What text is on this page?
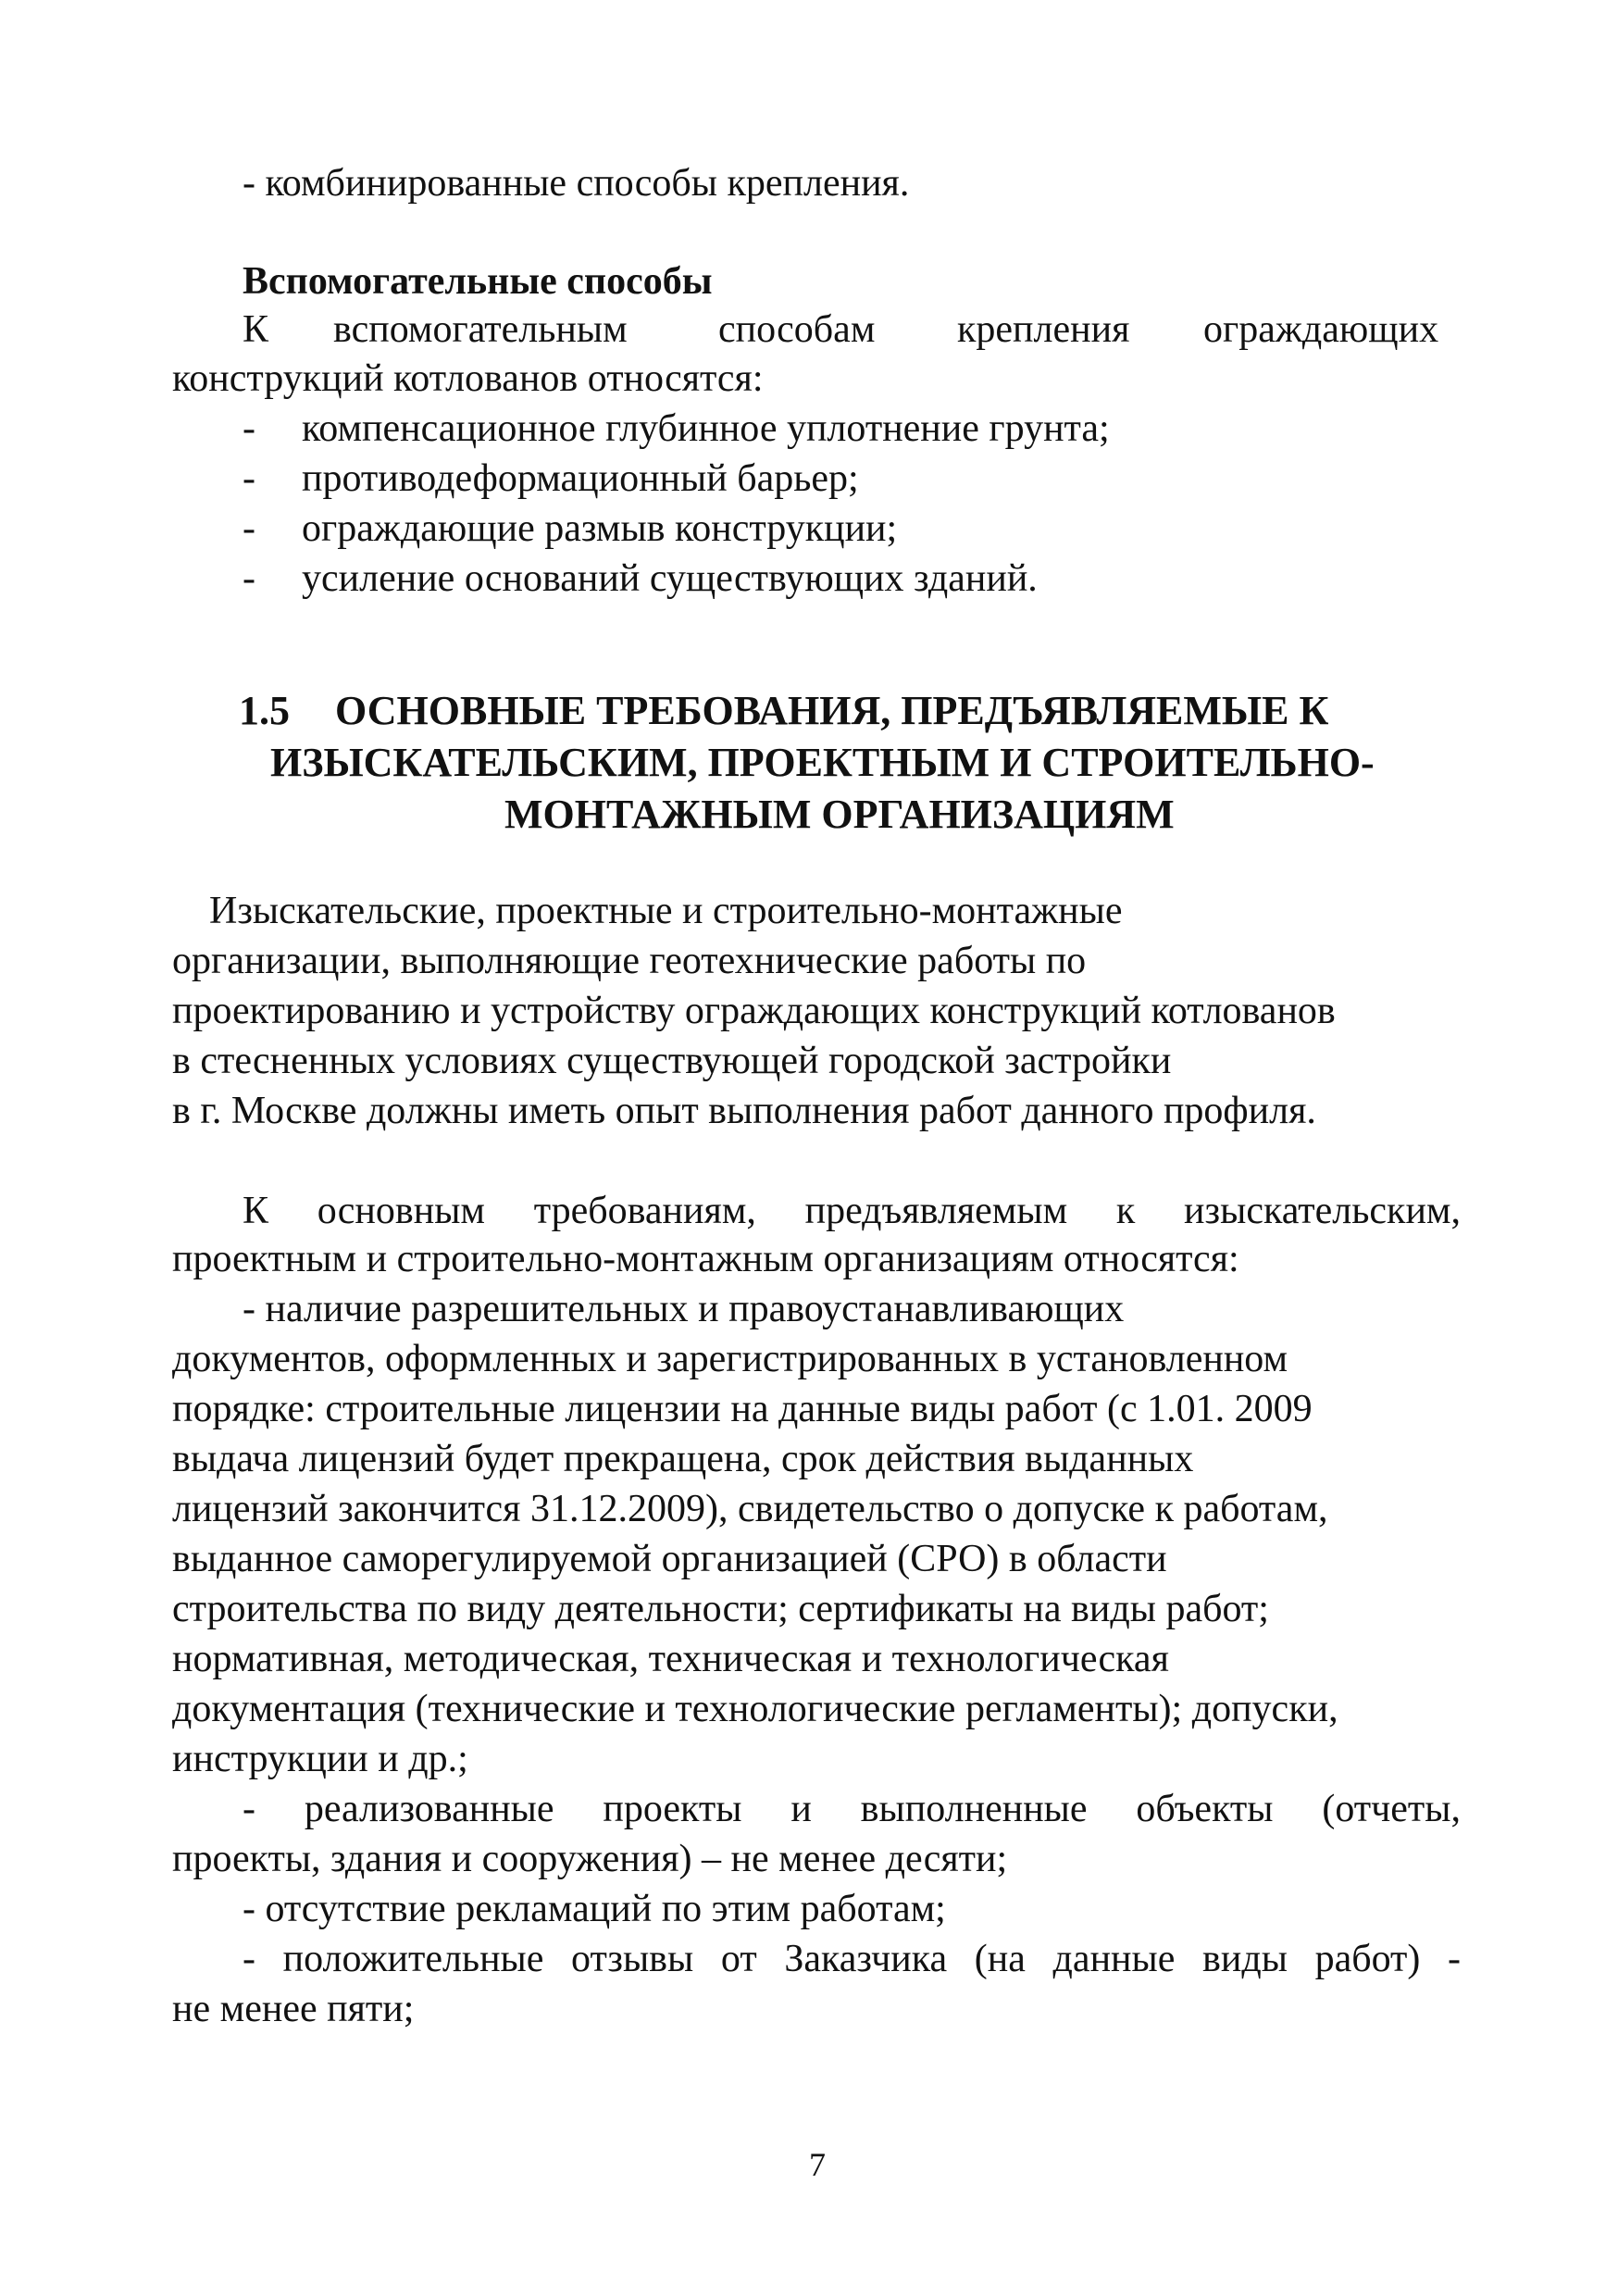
- комбинированные способы крепления.
Вспомогательные способы
К вспомогательным способам крепления ограждающих
конструкций котлованов относятся:
- компенсационное глубинное уплотнение грунта;
- противодеформационный барьер;
- ограждающие размыв конструкции;
- усиление оснований существующих зданий.
1.5 ОСНОВНЫЕ ТРЕБОВАНИЯ, ПРЕДЪЯВЛЯЕМЫЕ К
ИЗЫСКАТЕЛЬСКИМ, ПРОЕКТНЫМ И СТРОИТЕЛЬНО-
МОНТАЖНЫМ ОРГАНИЗАЦИЯМ
Изыскательские, проектные и строительно-монтажные
организации, выполняющие геотехнические работы по
проектированию и устройству ограждающих конструкций котлованов
в стесненных условиях существующей городской застройки
в г. Москве должны иметь опыт выполнения работ данного профиля.
К основным требованиям, предъявляемым к изыскательским,
проектным и строительно-монтажным организациям относятся:
- наличие разрешительных и правоустанавливающих
документов, оформленных и зарегистрированных в установленном
порядке: строительные лицензии на данные виды работ (с 1.01. 2009
выдача лицензий будет прекращена, срок действия выданных
лицензий закончится 31.12.2009), свидетельство о допуске к работам,
выданное саморегулируемой организацией (СРО) в области
строительства по виду деятельности; сертификаты на виды работ;
нормативная, методическая, техническая и технологическая
документация (технические и технологические регламенты); допуски,
инструкции и др.;
- реализованные проекты и выполненные объекты (отчеты,
проекты, здания и сооружения) – не менее десяти;
- отсутствие рекламаций по этим работам;
- положительные отзывы от Заказчика (на данные виды работ) -
не менее пяти;
7
